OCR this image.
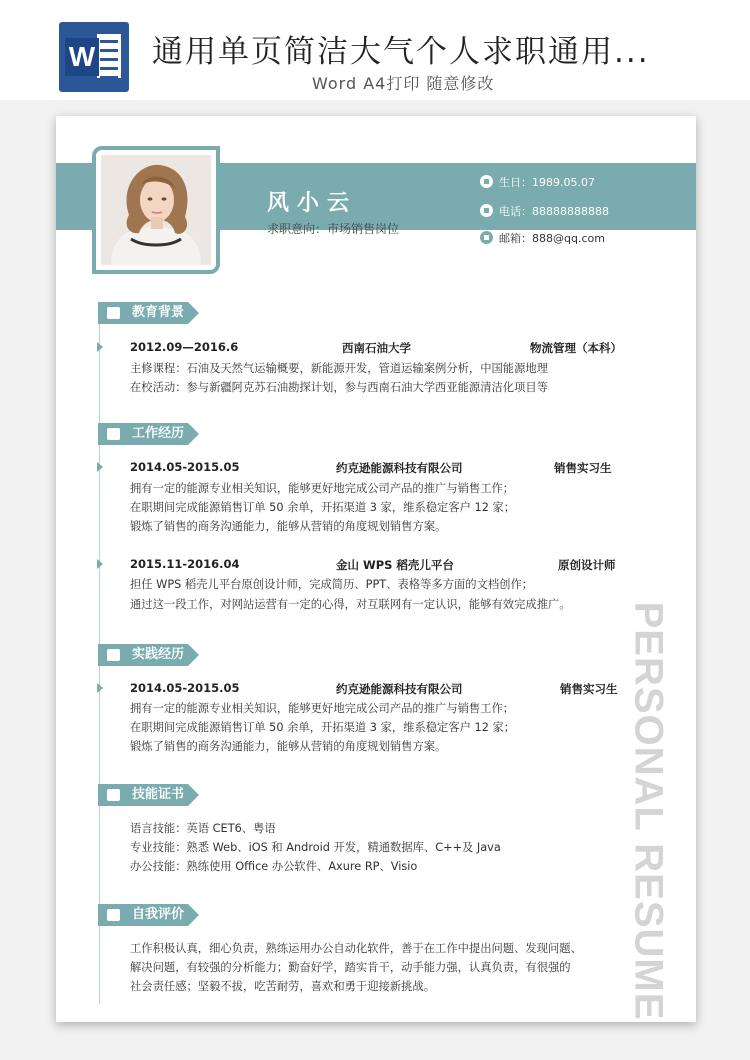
W 通用单页简洁大气个人求职通用...
Word A4打印 随意修改
风小云
求职意向：市场销售岗位
生日：1989.05.07
电话：88888888888
邮箱：888@qq.com
PERSONAL RESUME
教育背景
2012.09—2016.6	西南石油大学	物流管理（本科）
主修课程：石油及天然气运输概要，新能源开发，管道运输案例分析，中国能源地理
在校活动：参与新疆阿克苏石油勘探计划，参与西南石油大学西亚能源清洁化项目等
工作经历
2014.05-2015.05	约克逊能源科技有限公司	销售实习生
拥有一定的能源专业相关知识，能够更好地完成公司产品的推广与销售工作；
在职期间完成能源销售订单 50 余单，开拓渠道 3 家，维系稳定客户 12 家；
锻炼了销售的商务沟通能力，能够从营销的角度规划销售方案。
2015.11-2016.04	金山 WPS 稻壳儿平台	原创设计师
担任 WPS 稻壳儿平台原创设计师，完成简历、PPT、表格等多方面的文档创作；
通过这一段工作，对网站运营有一定的心得，对互联网有一定认识，能够有效完成推广。
实践经历
2014.05-2015.05	约克逊能源科技有限公司	销售实习生
拥有一定的能源专业相关知识，能够更好地完成公司产品的推广与销售工作；
在职期间完成能源销售订单 50 余单，开拓渠道 3 家，维系稳定客户 12 家；
锻炼了销售的商务沟通能力，能够从营销的角度规划销售方案。
技能证书
语言技能：英语 CET6、粤语
专业技能：熟悉 Web、iOS 和 Android 开发，精通数据库、C++及 Java
办公技能：熟练使用 Office 办公软件、Axure RP、Visio
自我评价
工作积极认真，细心负责，熟练运用办公自动化软件，善于在工作中提出问题、发现问题、
解决问题，有较强的分析能力；勤奋好学，踏实肯干，动手能力强，认真负责，有很强的
社会责任感；坚毅不拔，吃苦耐劳，喜欢和勇于迎接新挑战。
